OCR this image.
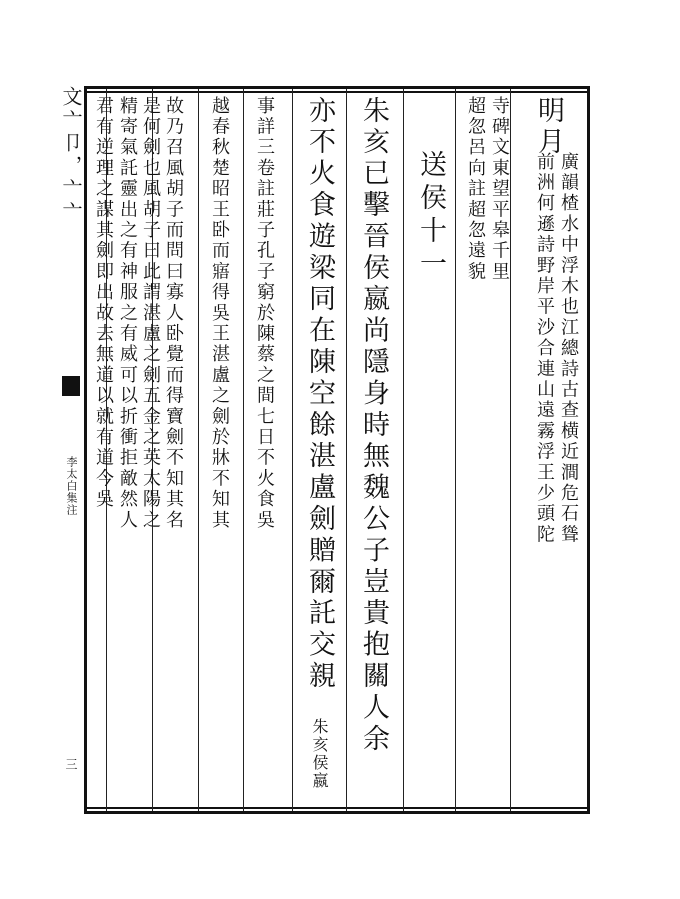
文亠卩，亠亠
李太白集注
三
明月
廣韻楂水中浮木也江總詩古查横近澗危石聳
前洲何遜詩野岸平沙合連山遠霧浮王少頭陀
寺碑文東望平皋千里
超忽呂向註超忽遠貌
送侯十一
朱亥已擊晉侯嬴尚隱身時無魏公子豈貴抱關人余
亦不火食遊梁同在陳空餘湛盧劍贈爾託交親
朱亥侯嬴
事詳三卷註莊子孔子窮於陳蔡之間七日不火食吳
越春秋楚昭王卧而寤得吳王湛盧之劍於牀不知其
故乃召風胡子而問曰寡人卧覺而得寶劍不知其名
是何劍也風胡子曰此謂湛盧之劍五金之英太陽之
精寄氣託靈出之有神服之有威可以折衝拒敵然人
君有逆理之謀其劍即出故去無道以就有道今吳
